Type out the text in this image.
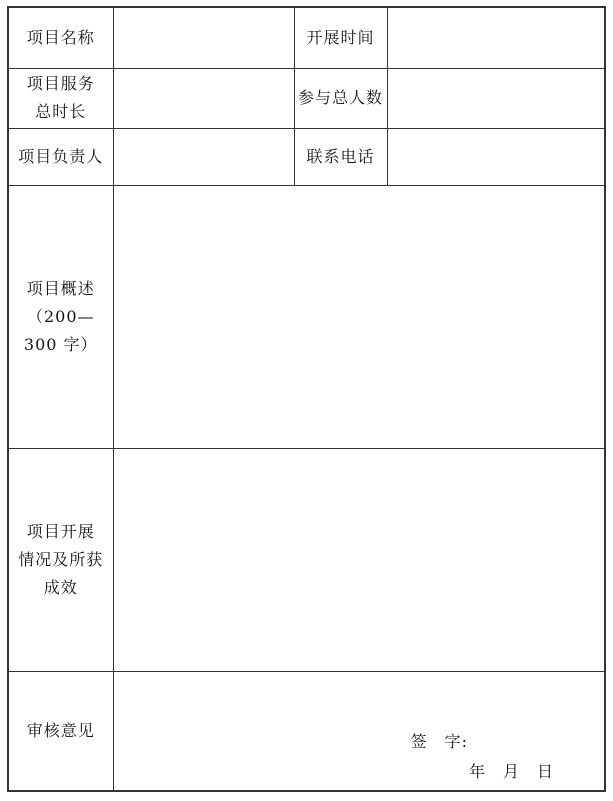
项目名称		开展时间	

项目服务
总时长		参与总人数	

项目负责人		联系电话	

项目概述
（200—
300 字）			

项目开展
情况及所获
成效			

审核意见	签　字:
年　月　日		
